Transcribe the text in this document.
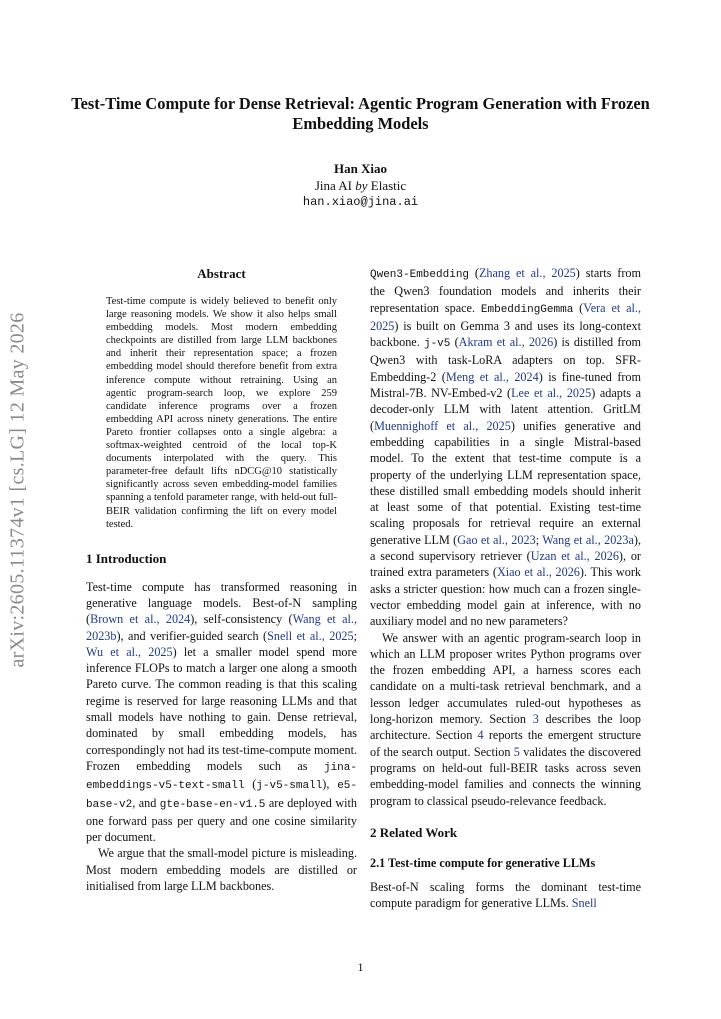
arXiv:2605.11374v1 [cs.LG] 12 May 2026
Test-Time Compute for Dense Retrieval: Agentic Program Generation with Frozen Embedding Models
Han Xiao
Jina AI by Elastic
han.xiao@jina.ai
Abstract

Test-time compute is widely believed to benefit only large reasoning models. We show it also helps small embedding models. Most modern embedding checkpoints are distilled from large LLM backbones and inherit their representation space; a frozen embedding model should therefore benefit from extra inference compute without retraining. Using an agentic program-search loop, we explore 259 candidate inference programs over a frozen embedding API across ninety generations. The entire Pareto frontier collapses onto a single algebra: a softmax-weighted centroid of the local top-K documents interpolated with the query. This parameter-free default lifts nDCG@10 statistically significantly across seven embedding-model families spanning a tenfold parameter range, with held-out full-BEIR validation confirming the lift on every model tested.

1 Introduction

Test-time compute has transformed reasoning in generative language models. Best-of-N sampling (Brown et al., 2024), self-consistency (Wang et al., 2023b), and verifier-guided search (Snell et al., 2025; Wu et al., 2025) let a smaller model spend more inference FLOPs to match a larger one along a smooth Pareto curve. The common reading is that this scaling regime is reserved for large reasoning LLMs and that small models have nothing to gain. Dense retrieval, dominated by small embedding models, has correspondingly not had its test-time-compute moment. Frozen embedding models such as jina-embeddings-v5-text-small (j-v5-small), e5-base-v2, and gte-base-en-v1.5 are deployed with one forward pass per query and one cosine similarity per document.

We argue that the small-model picture is misleading. Most modern embedding models are distilled or initialised from large LLM backbones.

Qwen3-Embedding (Zhang et al., 2025) starts from the Qwen3 foundation models and inherits their representation space. EmbeddingGemma (Vera et al., 2025) is built on Gemma 3 and uses its long-context backbone. j-v5 (Akram et al., 2026) is distilled from Qwen3 with task-LoRA adapters on top. SFR-Embedding-2 (Meng et al., 2024) is fine-tuned from Mistral-7B. NV-Embed-v2 (Lee et al., 2025) adapts a decoder-only LLM with latent attention. GritLM (Muennighoff et al., 2025) unifies generative and embedding capabilities in a single Mistral-based model. To the extent that test-time compute is a property of the underlying LLM representation space, these distilled small embedding models should inherit at least some of that potential. Existing test-time scaling proposals for retrieval require an external generative LLM (Gao et al., 2023; Wang et al., 2023a), a second supervisory retriever (Uzan et al., 2026), or trained extra parameters (Xiao et al., 2026). This work asks a stricter question: how much can a frozen single-vector embedding model gain at inference, with no auxiliary model and no new parameters?

We answer with an agentic program-search loop in which an LLM proposer writes Python programs over the frozen embedding API, a harness scores each candidate on a multi-task retrieval benchmark, and a lesson ledger accumulates ruled-out hypotheses as long-horizon memory. Section 3 describes the loop architecture. Section 4 reports the emergent structure of the search output. Section 5 validates the discovered programs on held-out full-BEIR tasks across seven embedding-model families and connects the winning program to classical pseudo-relevance feedback.

2 Related Work
2.1 Test-time compute for generative LLMs

Best-of-N scaling forms the dominant test-time compute paradigm for generative LLMs. Snell

1
